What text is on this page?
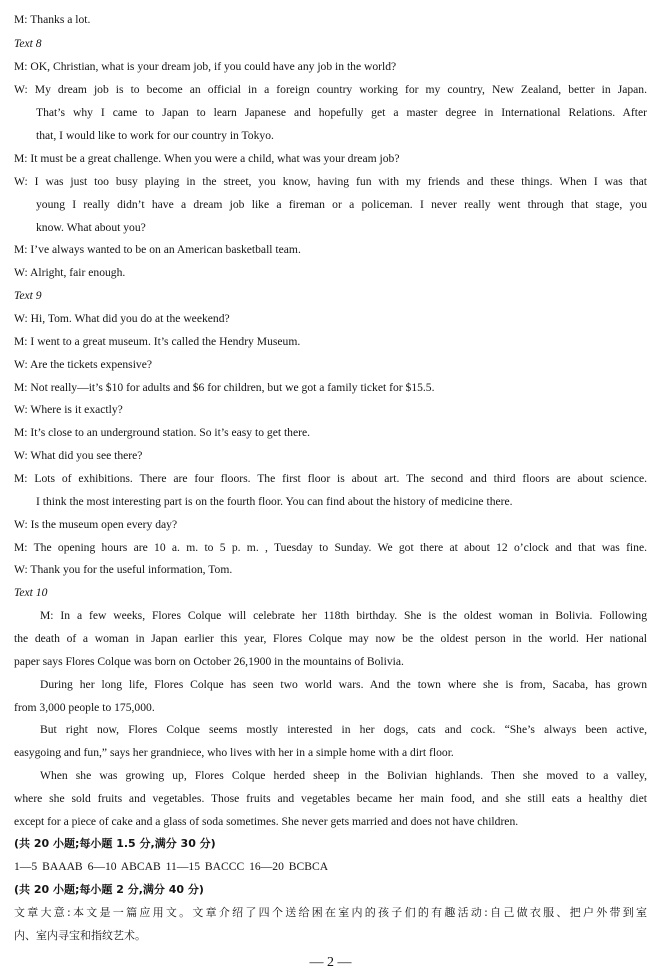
M: Thanks a lot.
Text 8
M: OK, Christian, what is your dream job, if you could have any job in the world?
W: My dream job is to become an official in a foreign country working for my country, New Zealand, better in Japan.
That’s why I came to Japan to learn Japanese and hopefully get a master degree in International Relations. After
that, I would like to work for our country in Tokyo.
M: It must be a great challenge. When you were a child, what was your dream job?
W: I was just too busy playing in the street, you know, having fun with my friends and these things. When I was that
young I really didn’t have a dream job like a fireman or a policeman. I never really went through that stage, you
know. What about you?
M: I’ve always wanted to be on an American basketball team.
W: Alright, fair enough.
Text 9
W: Hi, Tom. What did you do at the weekend?
M: I went to a great museum. It’s called the Hendry Museum.
W: Are the tickets expensive?
M: Not really—it’s $10 for adults and $6 for children, but we got a family ticket for $15.5.
W: Where is it exactly?
M: It’s close to an underground station. So it’s easy to get there.
W: What did you see there?
M: Lots of exhibitions. There are four floors. The first floor is about art. The second and third floors are about science.
I think the most interesting part is on the fourth floor. You can find about the history of medicine there.
W: Is the museum open every day?
M: The opening hours are 10 a. m. to 5 p. m. , Tuesday to Sunday. We got there at about 12 o’clock and that was fine.
W: Thank you for the useful information, Tom.
Text 10
M: In a few weeks, Flores Colque will celebrate her 118th birthday. She is the oldest woman in Bolivia. Following
the death of a woman in Japan earlier this year, Flores Colque may now be the oldest person in the world. Her national
paper says Flores Colque was born on October 26,1900 in the mountains of Bolivia.
During her long life, Flores Colque has seen two world wars. And the town where she is from, Sacaba, has grown
from 3,000 people to 175,000.
But right now, Flores Colque seems mostly interested in her dogs, cats and cock. “She’s always been active,
easygoing and fun,” says her grandniece, who lives with her in a simple home with a dirt floor.
When she was growing up, Flores Colque herded sheep in the Bolivian highlands. Then she moved to a valley,
where she sold fruits and vegetables. Those fruits and vegetables became her main food, and she still eats a healthy diet
except for a piece of cake and a glass of soda sometimes. She never gets married and does not have children.
(共 20 小题;每小题 1.5 分,满分 30 分)
1—5 BAAAB 6—10 ABCAB 11—15 BACCC 16—20 BCBCA
(共 20 小题;每小题 2 分,满分 40 分)
文章大意:本文是一篇应用文。文章介绍了四个送给困在室内的孩子们的有趣活动:自己做衣服、把户外带到室
内、室内寻宝和指纹艺术。
— 2 —
